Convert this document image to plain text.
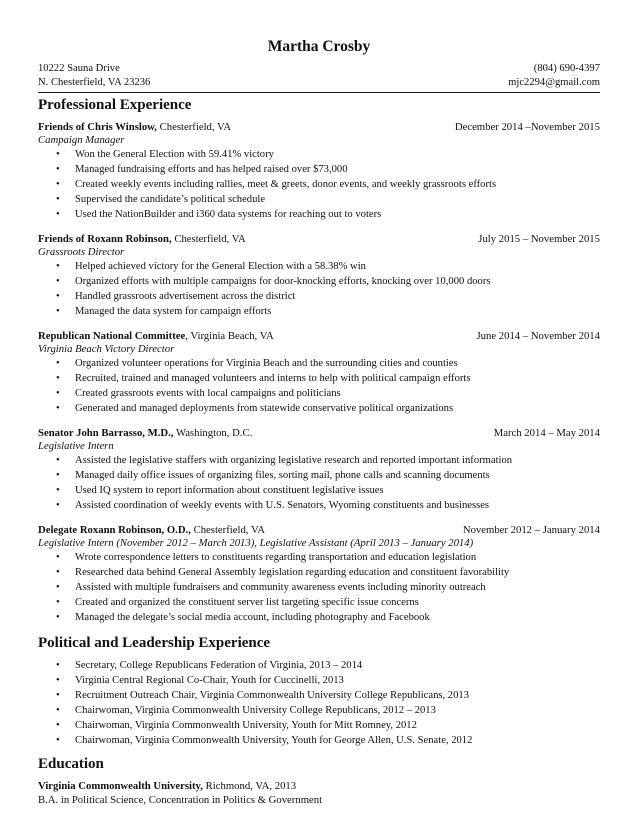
Martha Crosby
10222 Sauna Drive	(804) 690-4397
N. Chesterfield, VA 23236	mjc2294@gmail.com
Professional Experience
Friends of Chris Winslow, Chesterfield, VA	December 2014 –November 2015
Campaign Manager
• Won the General Election with 59.41% victory
• Managed fundraising efforts and has helped raised over $73,000
• Created weekly events including rallies, meet & greets, donor events, and weekly grassroots efforts
• Supervised the candidate’s political schedule
• Used the NationBuilder and i360 data systems for reaching out to voters
Friends of Roxann Robinson, Chesterfield, VA	July 2015 – November 2015
Grassroots Director
• Helped achieved victory for the General Election with a 58.38% win
• Organized efforts with multiple campaigns for door-knocking efforts, knocking over 10,000 doors
• Handled grassroots advertisement across the district
• Managed the data system for campaign efforts
Republican National Committee, Virginia Beach, VA	June 2014 – November 2014
Virginia Beach Victory Director
• Organized volunteer operations for Virginia Beach and the surrounding cities and counties
• Recruited, trained and managed volunteers and interns to help with political campaign efforts
• Created grassroots events with local campaigns and politicians
• Generated and managed deployments from statewide conservative political organizations
Senator John Barrasso, M.D., Washington, D.C.	March 2014 – May 2014
Legislative Intern
• Assisted the legislative staffers with organizing legislative research and reported important information
• Managed daily office issues of organizing files, sorting mail, phone calls and scanning documents
• Used IQ system to report information about constituent legislative issues
• Assisted coordination of weekly events with U.S. Senators, Wyoming constituents and businesses
Delegate Roxann Robinson, O.D., Chesterfield, VA	November 2012 – January 2014
Legislative Intern (November 2012 – March 2013), Legislative Assistant (April 2013 – January 2014)
• Wrote correspondence letters to constituents regarding transportation and education legislation
• Researched data behind General Assembly legislation regarding education and constituent favorability
• Assisted with multiple fundraisers and community awareness events including minority outreach
• Created and organized the constituent server list targeting specific issue concerns
• Managed the delegate’s social media account, including photography and Facebook
Political and Leadership Experience
• Secretary, College Republicans Federation of Virginia, 2013 – 2014
• Virginia Central Regional Co-Chair, Youth for Cuccinelli, 2013
• Recruitment Outreach Chair, Virginia Commonwealth University College Republicans, 2013
• Chairwoman, Virginia Commonwealth University College Republicans, 2012 – 2013
• Chairwoman, Virginia Commonwealth University, Youth for Mitt Romney, 2012
• Chairwoman, Virginia Commonwealth University, Youth for George Allen, U.S. Senate, 2012
Education
Virginia Commonwealth University, Richmond, VA, 2013
B.A. in Political Science, Concentration in Politics & Government
